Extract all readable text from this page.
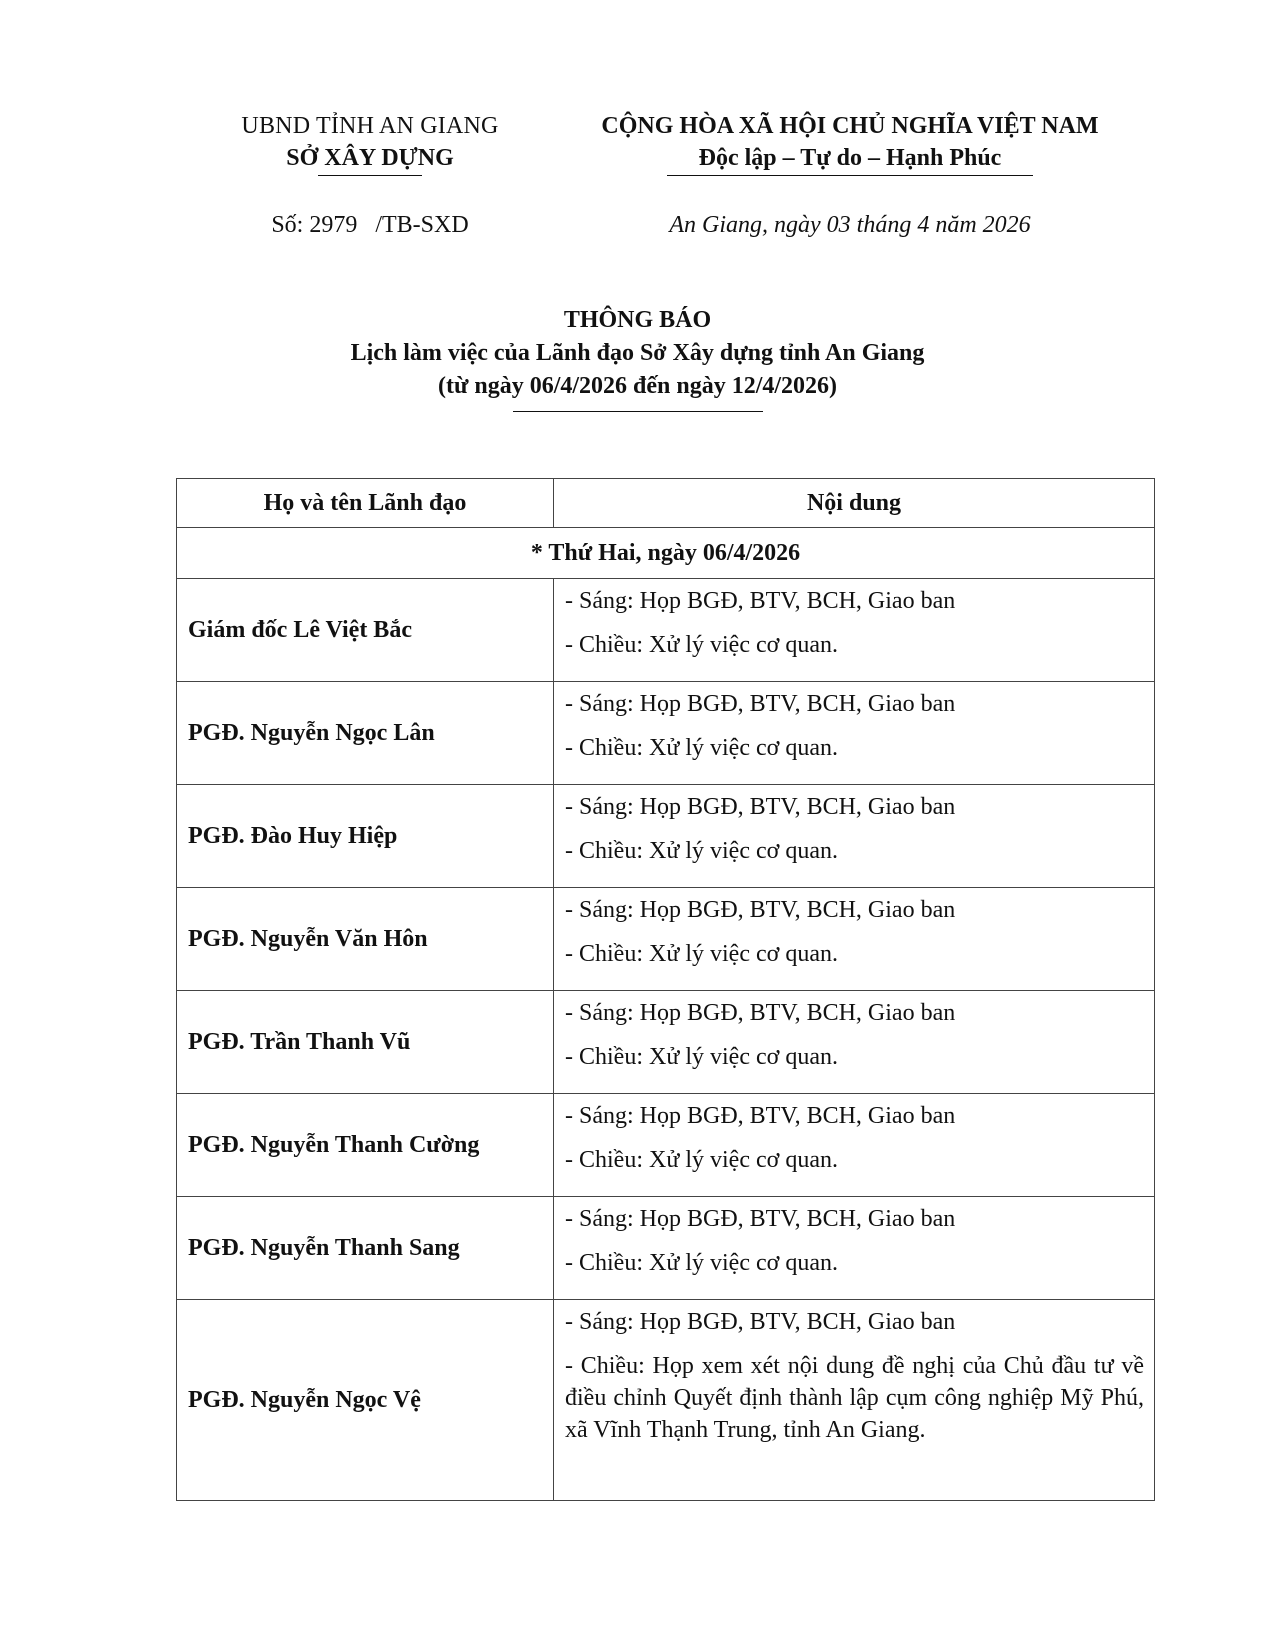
UBND TỈNH AN GIANG
SỞ XÂY DỰNG
CỘNG HÒA XÃ HỘI CHỦ NGHĨA VIỆT NAM
Độc lập – Tự do – Hạnh Phúc
Số: 2979   /TB-SXD	An Giang, ngày 03 tháng 4 năm 2026
THÔNG BÁO
Lịch làm việc của Lãnh đạo Sở Xây dựng tỉnh An Giang
(từ ngày 06/4/2026 đến ngày 12/4/2026)
Họ và tên Lãnh đạo	Nội dung
* Thứ Hai, ngày 06/4/2026	
Giám đốc Lê Việt Bắc	- Sáng: Họp BGĐ, BTV, BCH, Giao ban
- Chiều: Xử lý việc cơ quan.

PGĐ. Nguyễn Ngọc Lân	- Sáng: Họp BGĐ, BTV, BCH, Giao ban
- Chiều: Xử lý việc cơ quan.

PGĐ. Đào Huy Hiệp	- Sáng: Họp BGĐ, BTV, BCH, Giao ban
- Chiều: Xử lý việc cơ quan.

PGĐ. Nguyễn Văn Hôn	- Sáng: Họp BGĐ, BTV, BCH, Giao ban
- Chiều: Xử lý việc cơ quan.

PGĐ. Trần Thanh Vũ	- Sáng: Họp BGĐ, BTV, BCH, Giao ban
- Chiều: Xử lý việc cơ quan.

PGĐ. Nguyễn Thanh Cường	- Sáng: Họp BGĐ, BTV, BCH, Giao ban
- Chiều: Xử lý việc cơ quan.

PGĐ. Nguyễn Thanh Sang	- Sáng: Họp BGĐ, BTV, BCH, Giao ban
- Chiều: Xử lý việc cơ quan.

PGĐ. Nguyễn Ngọc Vệ	- Sáng: Họp BGĐ, BTV, BCH, Giao ban
- Chiều: Họp xem xét nội dung đề nghị của Chủ đầu tư về điều chỉnh Quyết định thành lập cụm công nghiệp Mỹ Phú, xã Vĩnh Thạnh Trung, tỉnh An Giang.
